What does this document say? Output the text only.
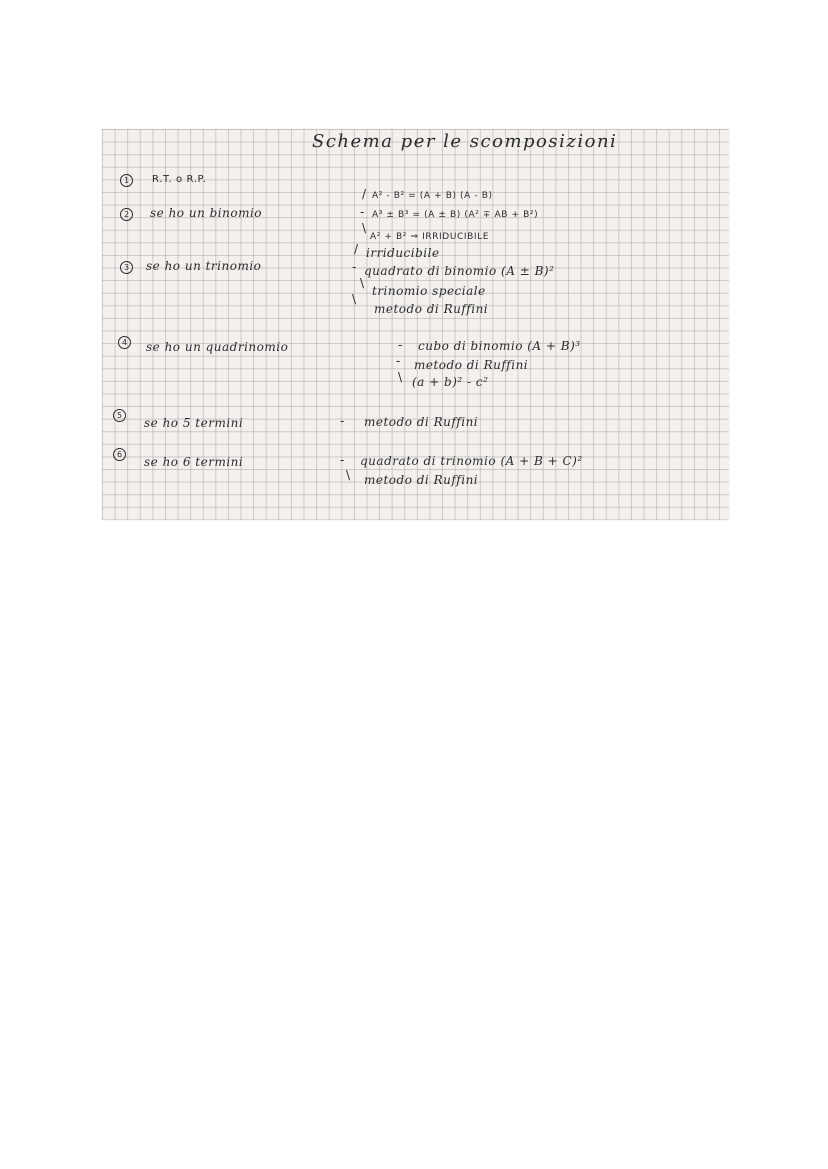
Schema per le scomposizioni
1	R.T. o R.P.
2	se ho un binomio
/
-
\
A² - B² = (A + B) (A - B)
A³ ± B³ = (A ± B) (A² ∓ AB + B²)
A² + B² ⇒ IRRIDUCIBILE
3	se ho un trinomio
/
-
\
\
irriducibile
quadrato di binomio (A ± B)²
trinomio speciale
metodo di Ruffini
4	se ho un quadrinomio	-
-
\
cubo di binomio (A + B)³
metodo di Ruffini
(a + b)² - c²
5
se ho 5 termini	- metodo di Ruffini
6
se ho 6 termini	-
\
quadrato di trinomio (A + B + C)²
metodo di Ruffini
